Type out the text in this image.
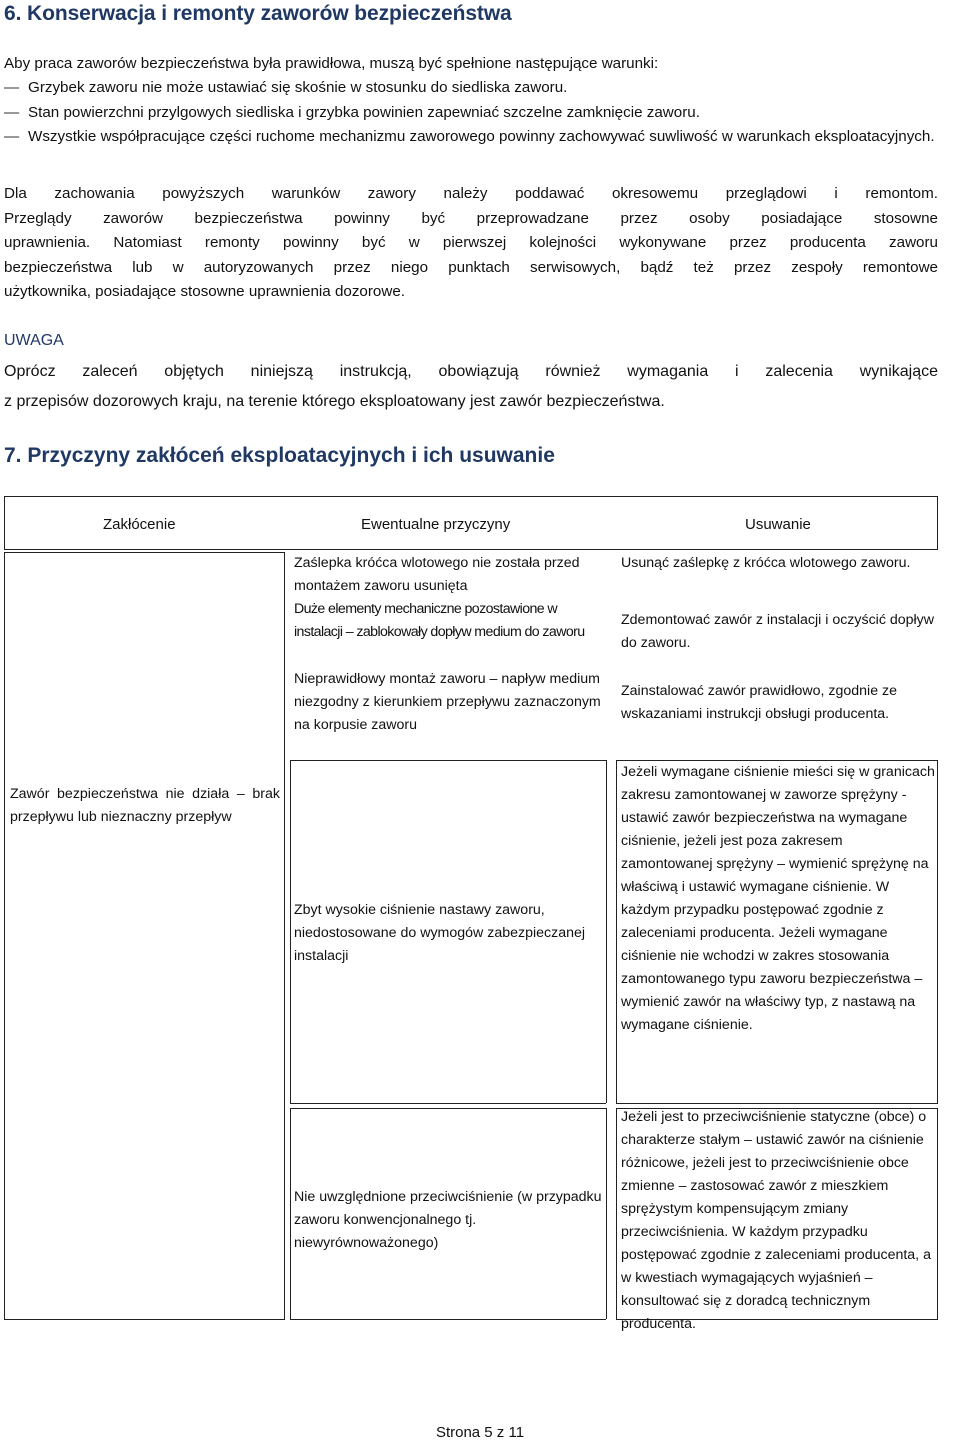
6. Konserwacja i remonty zaworów bezpieczeństwa
Aby praca zaworów bezpieczeństwa była prawidłowa, muszą być spełnione następujące warunki:
— Grzybek zaworu nie może ustawiać się skośnie w stosunku do siedliska zaworu.
— Stan powierzchni przylgowych siedliska i grzybka powinien zapewniać szczelne zamknięcie zaworu.
— Wszystkie współpracujące części ruchome mechanizmu zaworowego powinny zachowywać suwliwość w warunkach eksploatacyjnych.
Dla zachowania powyższych warunków zawory należy poddawać okresowemu przeglądowi i remontom.
Przeglądy zaworów bezpieczeństwa powinny być przeprowadzane przez osoby posiadające stosowne
uprawnienia. Natomiast remonty powinny być w pierwszej kolejności wykonywane przez producenta zaworu
bezpieczeństwa lub w autoryzowanych przez niego punktach serwisowych, bądź też przez zespoły remontowe
użytkownika, posiadające stosowne uprawnienia dozorowe.
UWAGA
Oprócz zaleceń objętych niniejszą instrukcją, obowiązują również wymagania i zalecenia wynikające
z przepisów dozorowych kraju, na terenie którego eksploatowany jest zawór bezpieczeństwa.
7. Przyczyny zakłóceń eksploatacyjnych i ich usuwanie
Zakłócenie	Ewentualne przyczyny	Usuwanie
Zawór bezpieczeństwa nie działa – brak przepływu lub nieznaczny przepływ
Zaślepka króćca wlotowego nie została przed montażem zaworu usunięta
Duże elementy mechaniczne pozostawione w instalacji – zablokowały dopływ medium do zaworu
Nieprawidłowy montaż zaworu – napływ medium niezgodny z kierunkiem przepływu zaznaczonym na korpusie zaworu
Zbyt wysokie ciśnienie nastawy zaworu, niedostosowane do wymogów zabezpieczanej instalacji
Nie uwzględnione przeciwciśnienie (w przypadku zaworu konwencjonalnego tj. niewyrównoważonego)
Usunąć zaślepkę z króćca wlotowego zaworu.
Zdemontować zawór z instalacji i oczyścić dopływ do zaworu.
Zainstalować zawór prawidłowo, zgodnie ze wskazaniami instrukcji obsługi producenta.
Jeżeli wymagane ciśnienie mieści się w granicach zakresu zamontowanej w zaworze sprężyny - ustawić zawór bezpieczeństwa na wymagane ciśnienie, jeżeli jest poza zakresem zamontowanej sprężyny – wymienić sprężynę na właściwą i ustawić wymagane ciśnienie. W każdym przypadku postępować zgodnie z zaleceniami producenta. Jeżeli wymagane ciśnienie nie wchodzi w zakres stosowania zamontowanego typu zaworu bezpieczeństwa – wymienić zawór na właściwy typ, z nastawą na wymagane ciśnienie.
Jeżeli jest to przeciwciśnienie statyczne (obce) o charakterze stałym – ustawić zawór na ciśnienie różnicowe, jeżeli jest to przeciwciśnienie obce zmienne – zastosować zawór z mieszkiem sprężystym kompensującym zmiany przeciwciśnienia. W każdym przypadku postępować zgodnie z zaleceniami producenta, a w kwestiach wymagających wyjaśnień – konsultować się z doradcą technicznym producenta.
Strona 5 z 11
